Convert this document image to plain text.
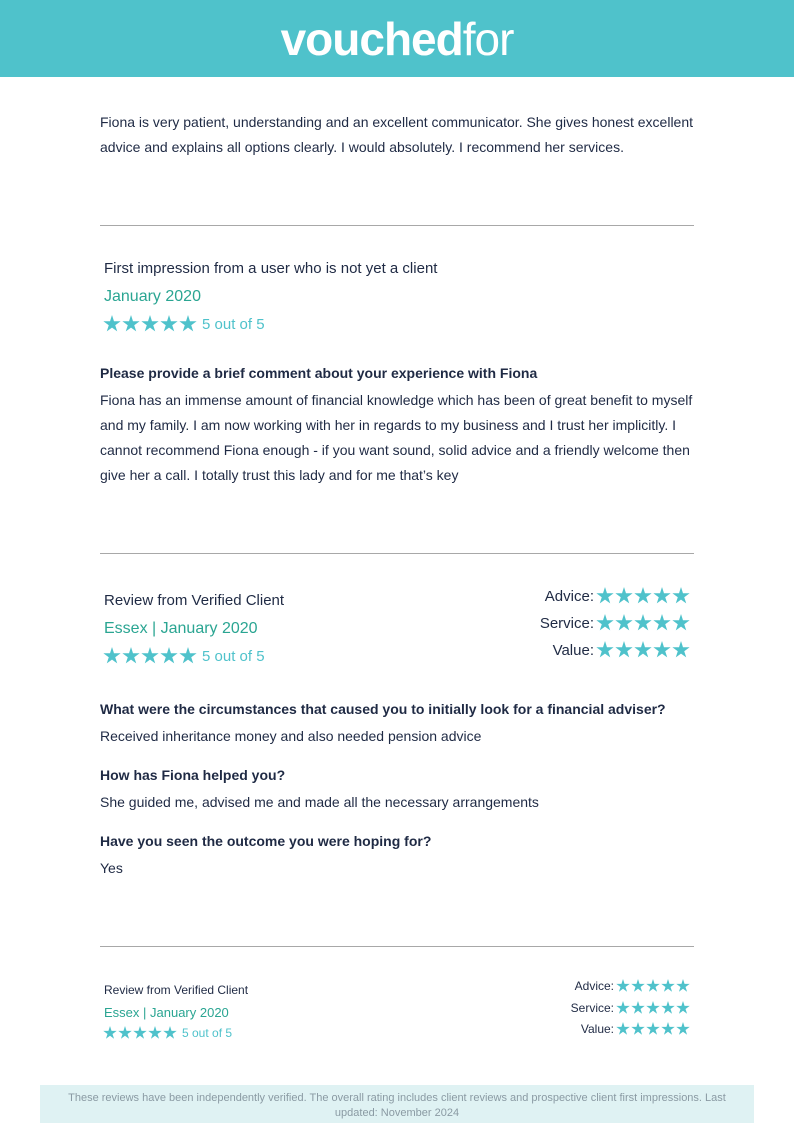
vouchedfor
Fiona is very patient, understanding and an excellent communicator. She gives honest excellent advice and explains all options clearly. I would absolutely. I recommend her services.
First impression from a user who is not yet a client
January 2020
5 out of 5
Please provide a brief comment about your experience with Fiona
Fiona has an immense amount of financial knowledge which has been of great benefit to myself and my family. I am now working with her in regards to my business and I trust her implicitly. I cannot recommend Fiona enough - if you want sound, solid advice and a friendly welcome then give her a call. I totally trust this lady and for me that’s key
Review from Verified Client
Essex | January 2020
5 out of 5
Advice:
Service:
Value:
What were the circumstances that caused you to initially look for a financial adviser?
Received inheritance money and also needed pension advice
How has Fiona helped you?
She guided me, advised me and made all the necessary arrangements
Have you seen the outcome you were hoping for?
Yes
Review from Verified Client
Essex | January 2020
5 out of 5
Advice:
Service:
Value:
These reviews have been independently verified. The overall rating includes client reviews and prospective client first impressions. Last updated: November 2024
